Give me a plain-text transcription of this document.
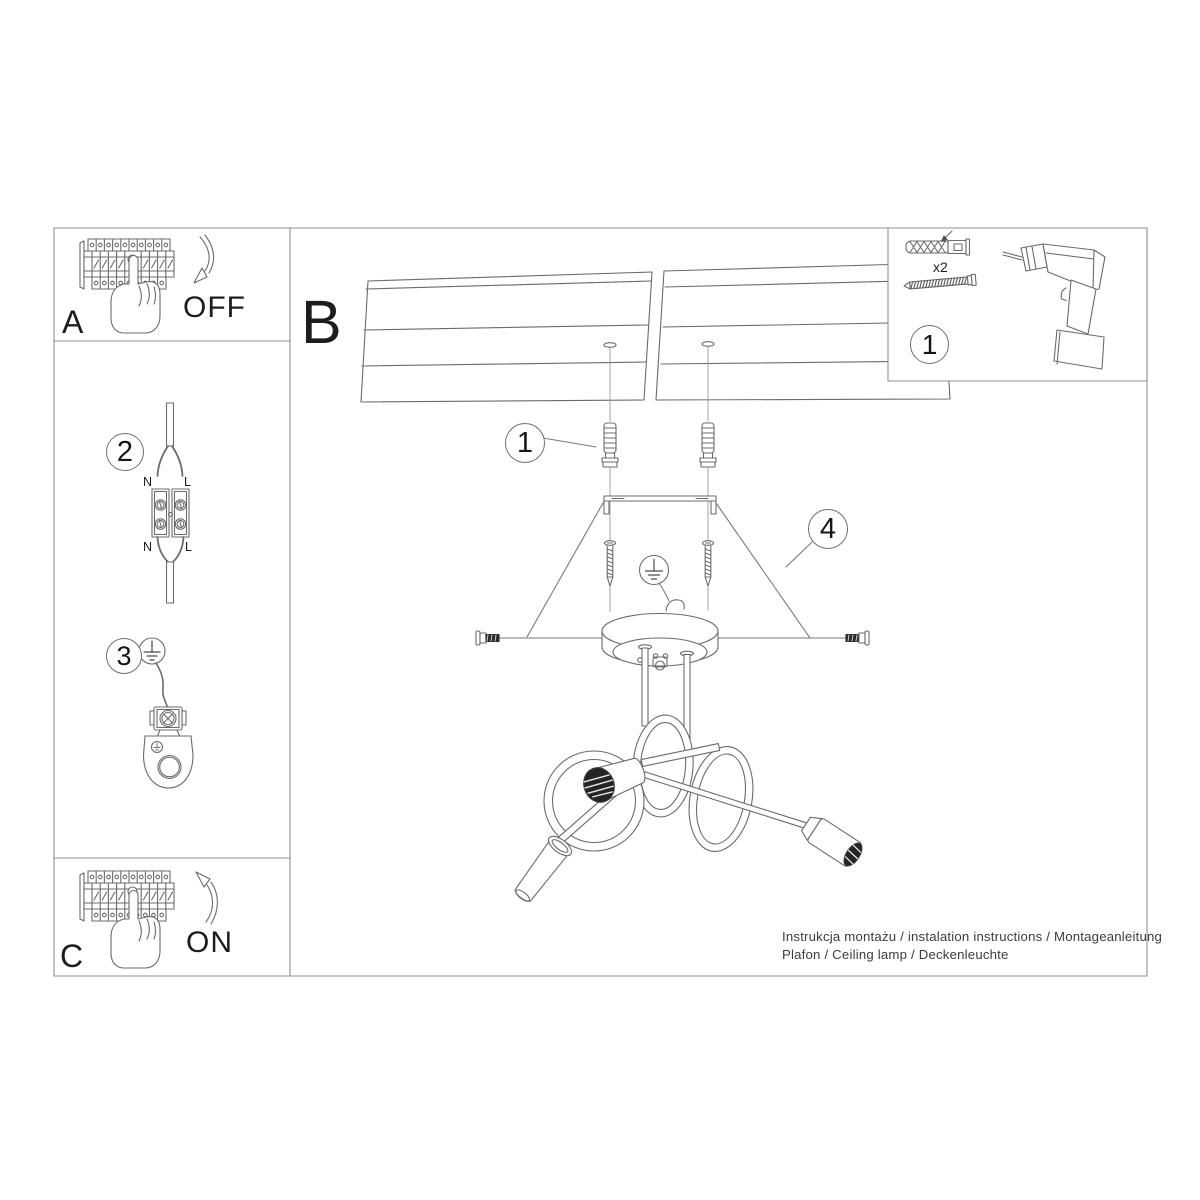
A	OFF
C	ON
B
2
3
1
4
1
x2
N	L
N	L
Instrukcja montażu / instalation instructions / Montageanleitung
Plafon / Ceiling lamp / Deckenleuchte
